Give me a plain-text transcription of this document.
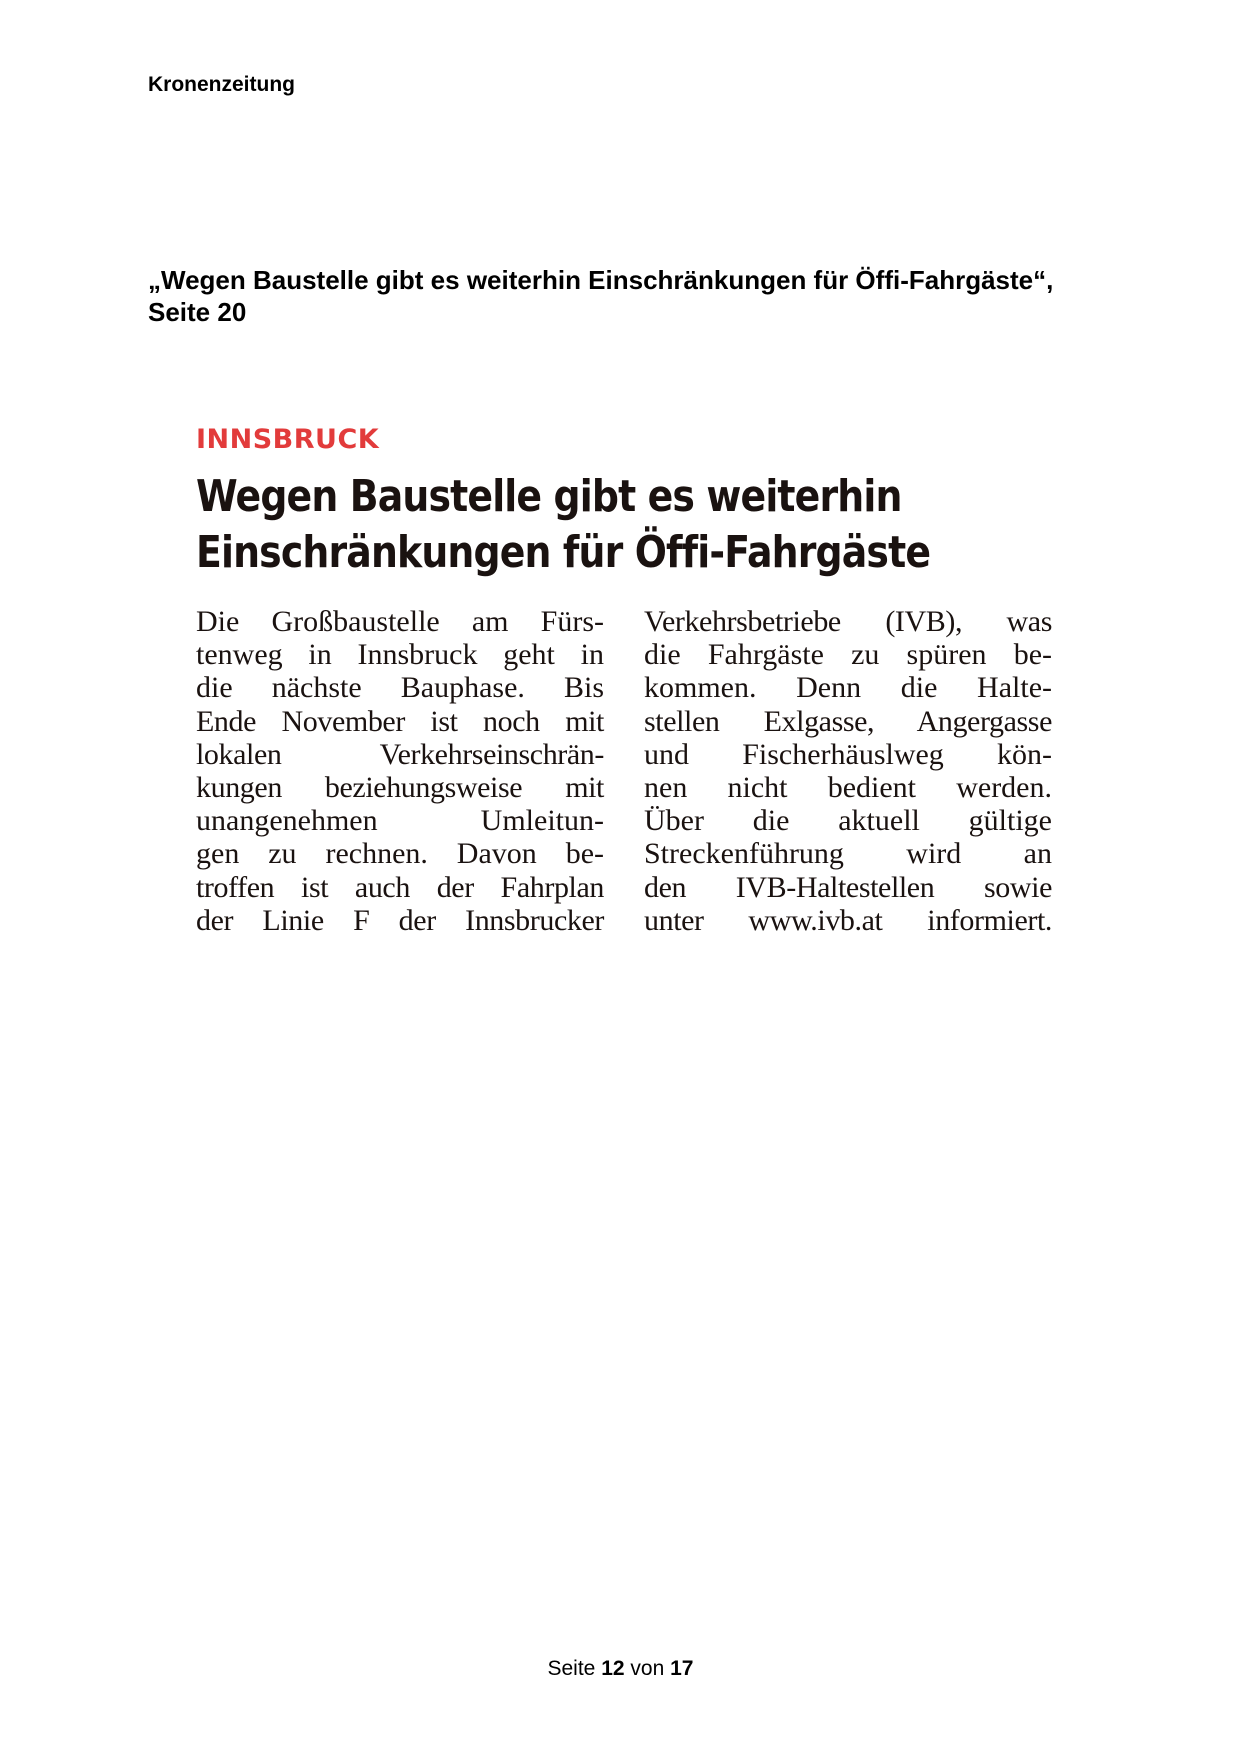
Kronenzeitung
„Wegen Baustelle gibt es weiterhin Einschränkungen für Öffi-Fahrgäste“,
Seite 20
INNSBRUCK
Wegen Baustelle gibt es weiterhin
Einschränkungen für Öffi-Fahrgäste
Die Großbaustelle am Fürs-
tenweg in Innsbruck geht in
die nächste Bauphase. Bis
Ende November ist noch mit
lokalen Verkehrseinschrän-
kungen beziehungsweise mit
unangenehmen Umleitun-
gen zu rechnen. Davon be-
troffen ist auch der Fahrplan
der Linie F der Innsbrucker
Verkehrsbetriebe (IVB), was
die Fahrgäste zu spüren be-
kommen. Denn die Halte-
stellen Exlgasse, Angergasse
und Fischerhäuslweg kön-
nen nicht bedient werden.
Über die aktuell gültige
Streckenführung wird an
den IVB-Haltestellen sowie
unter www.ivb.at informiert.
Seite 12 von 17
